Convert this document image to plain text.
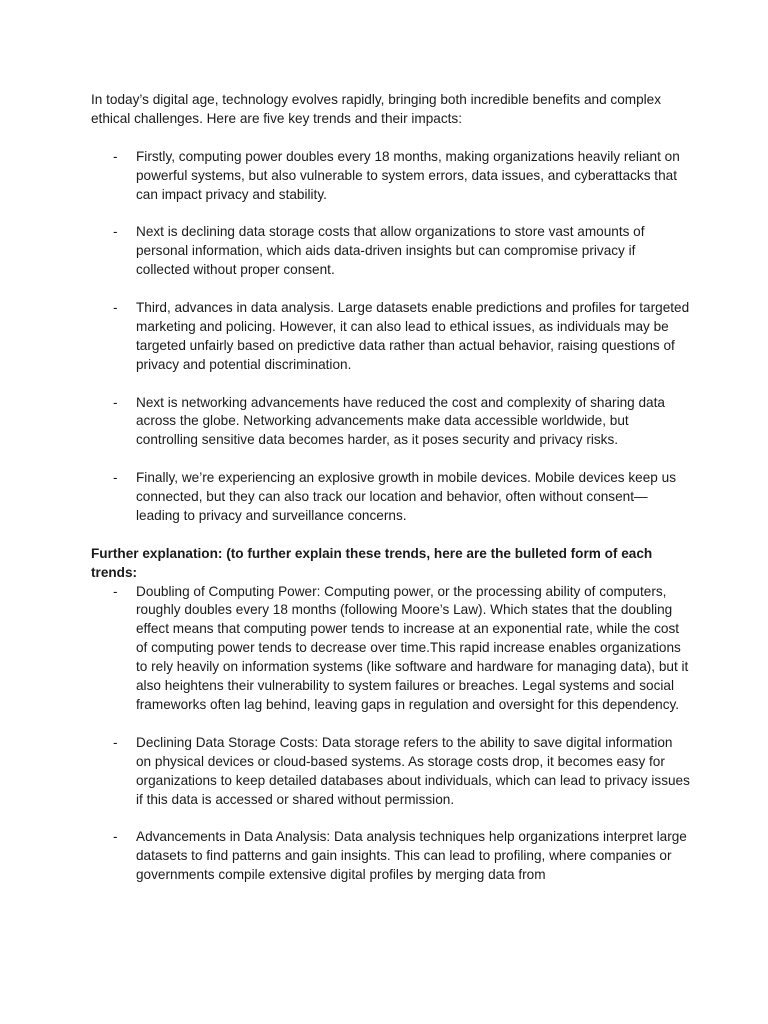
In today’s digital age, technology evolves rapidly, bringing both incredible benefits and complex ethical challenges. Here are five key trends and their impacts:

- Firstly, computing power doubles every 18 months, making organizations heavily reliant on powerful systems, but also vulnerable to system errors, data issues, and cyberattacks that can impact privacy and stability.
- Next is declining data storage costs that allow organizations to store vast amounts of personal information, which aids data-driven insights but can compromise privacy if collected without proper consent.
- Third, advances in data analysis. Large datasets enable predictions and profiles for targeted marketing and policing. However, it can also lead to ethical issues, as individuals may be targeted unfairly based on predictive data rather than actual behavior, raising questions of privacy and potential discrimination.
- Next is networking advancements have reduced the cost and complexity of sharing data across the globe. Networking advancements make data accessible worldwide, but controlling sensitive data becomes harder, as it poses security and privacy risks.
- Finally, we’re experiencing an explosive growth in mobile devices. Mobile devices keep us connected, but they can also track our location and behavior, often without consent—leading to privacy and surveillance concerns.

Further explanation: (to further explain these trends, here are the bulleted form of each trends:

- Doubling of Computing Power: Computing power, or the processing ability of computers, roughly doubles every 18 months (following Moore’s Law). Which states that the doubling effect means that computing power tends to increase at an exponential rate, while the cost of computing power tends to decrease over time.This rapid increase enables organizations to rely heavily on information systems (like software and hardware for managing data), but it also heightens their vulnerability to system failures or breaches. Legal systems and social frameworks often lag behind, leaving gaps in regulation and oversight for this dependency.
- Declining Data Storage Costs: Data storage refers to the ability to save digital information on physical devices or cloud-based systems. As storage costs drop, it becomes easy for organizations to keep detailed databases about individuals, which can lead to privacy issues if this data is accessed or shared without permission.
- Advancements in Data Analysis: Data analysis techniques help organizations interpret large datasets to find patterns and gain insights. This can lead to profiling, where companies or governments compile extensive digital profiles by merging data from
